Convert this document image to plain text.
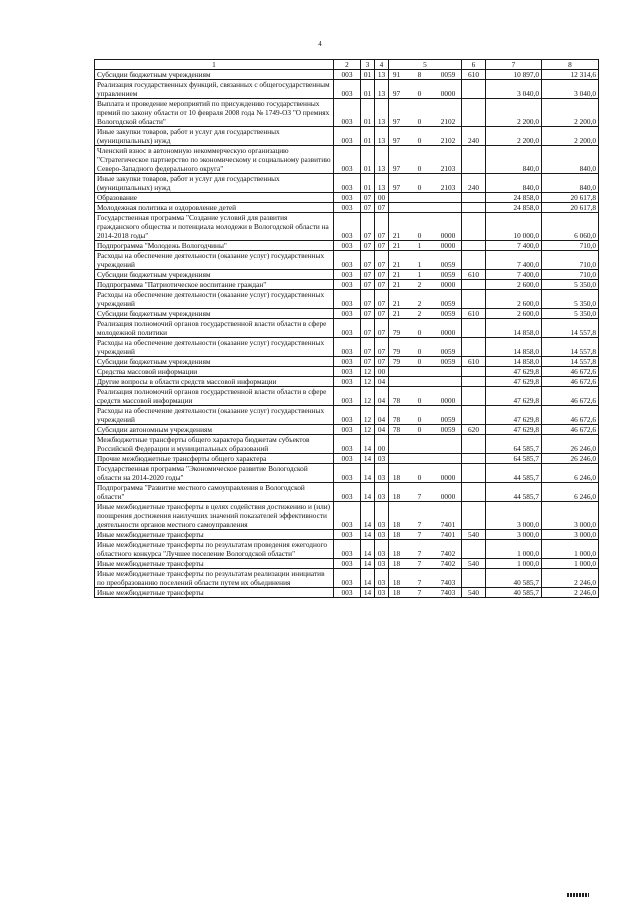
4
1	2	3	4	5	6	7	8
Субсидии бюджетным учреждениям	003	01	13	91 8 0059	610	10 897,0	12 314,6
Реализация государственных функций, связанных с общегосударственным управлением	003	01	13	97 0 0000		3 040,0	3 040,0
Выплата и проведение мероприятий по присуждению государственных премий по закону области от 10 февраля 2008 года № 1749-ОЗ "О премиях Вологодской области"	003	01	13	97 0 2102		2 200,0	2 200,0
Иные закупки товаров, работ и услуг для государственных (муниципальных) нужд	003	01	13	97 0 2102	240	2 200,0	2 200,0
Членский взнос в автономную некоммерческую организацию "Стратегическое партнерство по экономическому и социальному развитию Северо-Западного федерального округа"	003	01	13	97 0 2103		840,0	840,0
Иные закупки товаров, работ и услуг для государственных (муниципальных) нужд	003	01	13	97 0 2103	240	840,0	840,0
Образование	003	07	00			24 858,0	20 617,8
Молодежная политика и оздоровление детей	003	07	07			24 858,0	20 617,8
Государственная программа "Создание условий для развития гражданского общества и потенциала молодежи в Вологодской области на 2014-2018 годы"	003	07	07	21 0 0000		10 000,0	6 060,0
Подпрограмма "Молодежь Вологодчины"	003	07	07	21 1 0000		7 400,0	710,0
Расходы на обеспечение деятельности (оказание услуг) государственных учреждений	003	07	07	21 1 0059		7 400,0	710,0
Субсидии бюджетным учреждениям	003	07	07	21 1 0059	610	7 400,0	710,0
Подпрограмма "Патриотическое воспитание граждан"	003	07	07	21 2 0000		2 600,0	5 350,0
Расходы на обеспечение деятельности (оказание услуг) государственных учреждений	003	07	07	21 2 0059		2 600,0	5 350,0
Субсидии бюджетным учреждениям	003	07	07	21 2 0059	610	2 600,0	5 350,0
Реализация полномочий органов государственной власти области в сфере молодежной политики	003	07	07	79 0 0000		14 858,0	14 557,8
Расходы на обеспечение деятельности (оказание услуг) государственных учреждений	003	07	07	79 0 0059		14 858,0	14 557,8
Субсидии бюджетным учреждениям	003	07	07	79 0 0059	610	14 858,0	14 557,8
Средства массовой информации	003	12	00			47 629,8	46 672,6
Другие вопросы в области средств массовой информации	003	12	04			47 629,8	46 672,6
Реализация полномочий органов государственной власти области в сфере средств массовой информации	003	12	04	78 0 0000		47 629,8	46 672,6
Расходы на обеспечение деятельности (оказание услуг) государственных учреждений	003	12	04	78 0 0059		47 629,8	46 672,6
Субсидии автономным учреждениям	003	12	04	78 0 0059	620	47 629,8	46 672,6
Межбюджетные трансферты общего характера бюджетам субъектов Российской Федерации и муниципальных образований	003	14	00			64 585,7	26 246,0
Прочие межбюджетные трансферты общего характера	003	14	03			64 585,7	26 246,0
Государственная программа "Экономическое развитие Вологодской области на 2014-2020 годы"	003	14	03	18 0 0000		44 585,7	6 246,0
Подпрограмма "Развитие местного самоуправления в Вологодской области"	003	14	03	18 7 0000		44 585,7	6 246,0
Иные межбюджетные трансферты в целях содействия достижению и (или) поощрения достижения наилучших значений показателей эффективности деятельности органов местного самоуправления	003	14	03	18 7 7401		3 000,0	3 000,0
Иные межбюджетные трансферты	003	14	03	18 7 7401	540	3 000,0	3 000,0
Иные межбюджетные трансферты по результатам проведения ежегодного областного конкурса "Лучшее поселение Вологодской области"	003	14	03	18 7 7402		1 000,0	1 000,0
Иные межбюджетные трансферты	003	14	03	18 7 7402	540	1 000,0	1 000,0
Иные межбюджетные трансферты по результатам реализации инициатив по преобразованию поселений области путем их объединения	003	14	03	18 7 7403		40 585,7	2 246,0
Иные межбюджетные трансферты	003	14	03	18 7 7403	540	40 585,7	2 246,0
